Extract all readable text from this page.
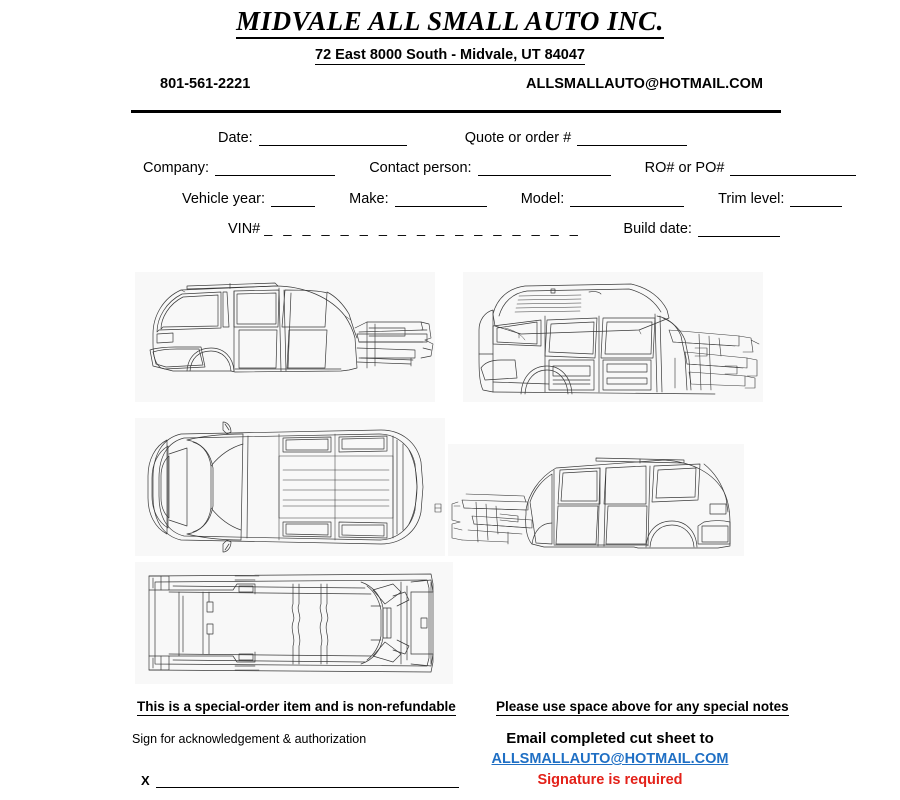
MIDVALE ALL SMALL AUTO INC.
72 East 8000 South - Midvale, UT 84047
801-561-2221	ALLSMALLAUTO@HOTMAIL.COM
Date:	Quote or order #
Company:	Contact person:	RO# or PO#
Vehicle year:	Make:	Model:	Trim level:
VIN# _ _ _ _ _ _ _ _ _ _ _ _ _ _ _ _ _	Build date:
This is a special-order item and is non-refundable	Please use space above for any special notes
Sign for acknowledgement & authorization	Email completed cut sheet to
ALLSMALLAUTO@HOTMAIL.COM
Signature is required
X
